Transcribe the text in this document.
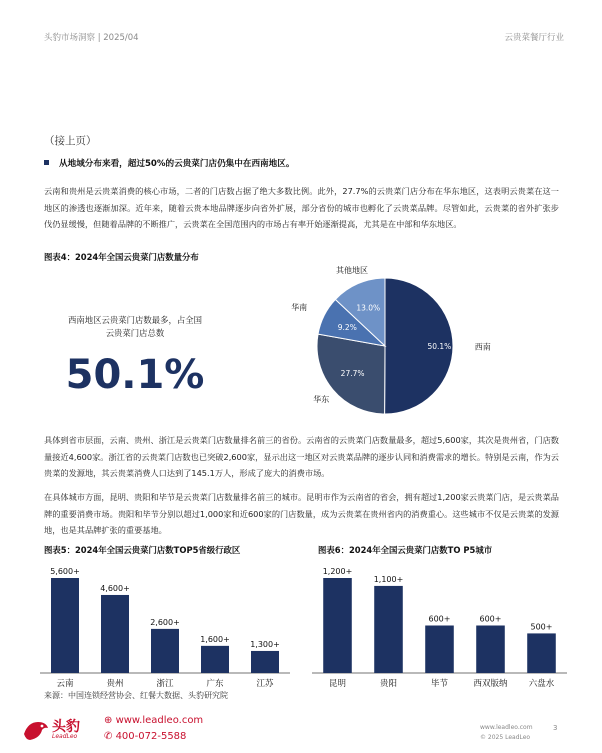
头豹市场洞察 | 2025/04	云贵菜餐厅行业
（接上页）
从地域分布来看，超过50%的云贵菜门店仍集中在西南地区。
云南和贵州是云贵菜消费的核心市场，二者的门店数占据了绝大多数比例。此外，27.7%的云贵菜门店分布在华东地区，这表明云贵菜在这一地区的渗透也逐渐加深。近年来，随着云贵本地品牌逐步向省外扩展，部分省份的城市也孵化了云贵菜品牌。尽管如此，云贵菜的省外扩张步伐仍显缓慢，但随着品牌的不断推广，云贵菜在全国范围内的市场占有率开始逐渐提高，尤其是在中部和华东地区。
图表4：2024年全国云贵菜门店数量分布
西南地区云贵菜门店数最多，占全国云贵菜门店总数
50.1%
50.1%	西南
27.7%
华东
9.2%
华南	13.0%
其他地区
具体到省市层面，云南、贵州、浙江是云贵菜门店数量排名前三的省份。云南省的云贵菜门店数量最多，超过5,600家，其次是贵州省，门店数量接近4,600家。浙江省的云贵菜门店数也已突破2,600家，显示出这一地区对云贵菜品牌的逐步认同和消费需求的增长。特别是云南，作为云贵菜的发源地，其云贵菜消费人口达到了145.1万人，形成了庞大的消费市场。
在具体城市方面，昆明、贵阳和毕节是云贵菜门店数量排名前三的城市。昆明市作为云南省的省会，拥有超过1,200家云贵菜门店，是云贵菜品牌的重要消费市场。贵阳和毕节分别以超过1,000家和近600家的门店数量，成为云贵菜在贵州省内的消费重心。这些城市不仅是云贵菜的发源地，也是其品牌扩张的重要基地。
图表5：2024年全国云贵菜门店数TOP5省级行政区	图表6：2024年全国云贵菜门店数TO P5城市
5,600+
云南
4,600+
贵州
2,600+
浙江
1,600+
广东
1,300+
江苏
1,200+
昆明
1,100+
贵阳
600+
毕节
600+
西双版纳
500+
六盘水
来源：中国连锁经营协会、红餐大数据、头豹研究院
头豹
LeadLeo
⊕ www.leadleo.com
✆ 400-072-5588
www.leadleo.com
© 2025 LeadLeo
3
